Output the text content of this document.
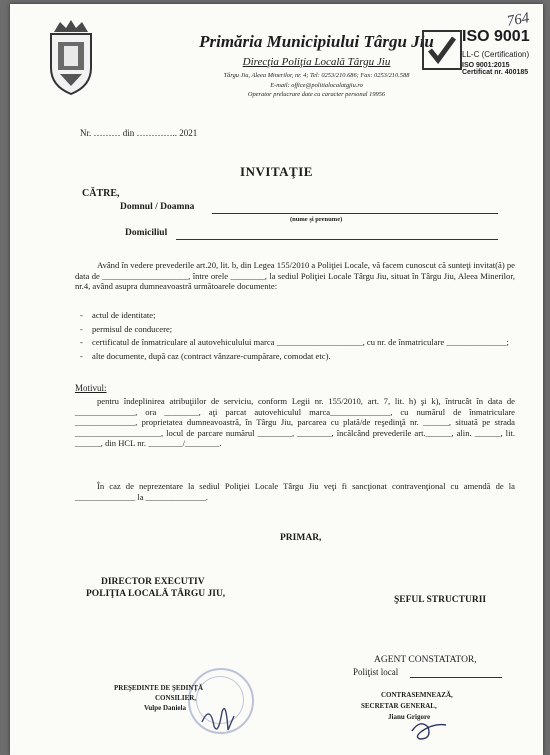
Primăria Municipiului Târgu Jiu
Direcţia Poliţia Locală Târgu Jiu
Târgu Jiu, Aleea Minerilor, nr. 4; Tel: 0253/210.686; Fax: 0253/210.588
E-mail: office@politialocalatgjiu.ro
Operator prelucrare date cu caracter personal 19956
ISO 9001
LL-C (Certification)
ISO 9001:2015
Certificat nr. 400185
764
Nr. ……… din ………….. 2021
INVITAŢIE
CĂTRE,
Domnul / Doamna
(nume şi prenume)
Domiciliul
Având în vedere prevederile art.20, lit. b, din Legea 155/2010 a Poliţiei Locale, vă facem cunoscut că sunteţi invitat(ă) pe data de ____________________, între orele ________, la sediul Poliţiei Locale Târgu Jiu, situat în Târgu Jiu, Aleea Minerilor, nr.4, având asupra dumneavoastră următoarele documente:
- actul de identitate;
- permisul de conducere;
- certificatul de înmatriculare al autovehiculului marca ____________________, cu nr. de înmatriculare ______________;
- alte documente, după caz (contract vânzare-cumpărare, comodat etc).
Motivul:
pentru îndeplinirea atribuţiilor de serviciu, conform Legii nr. 155/2010, art. 7, lit. h) şi k), întrucât în data de ______________, ora ________, aţi parcat autovehiculul marca______________, cu numărul de înmatriculare ______________, proprietatea dumneavoastră, în Târgu Jiu, parcarea cu plată/de reşedinţă nr. ______, situată pe strada ____________________, locul de parcare numărul ________, ________, încălcând prevederile art.______, alin. ______, lit. ______, din HCL nr. ________/________.
În caz de neprezentare la sediul Poliţiei Locale Târgu Jiu veţi fi sancţionat contravenţional cu amendă de la ______________ la ______________.
PRIMAR,
DIRECTOR EXECUTIV
POLIŢIA LOCALĂ TÂRGU JIU,
ŞEFUL STRUCTURII
AGENT CONSTATATOR,
Poliţist local
PREŞEDINTE DE ŞEDINŢĂ
CONSILIER,
Vulpe Daniela
CONTRASEMNEAZĂ,
SECRETAR GENERAL,
Jianu Grigore
